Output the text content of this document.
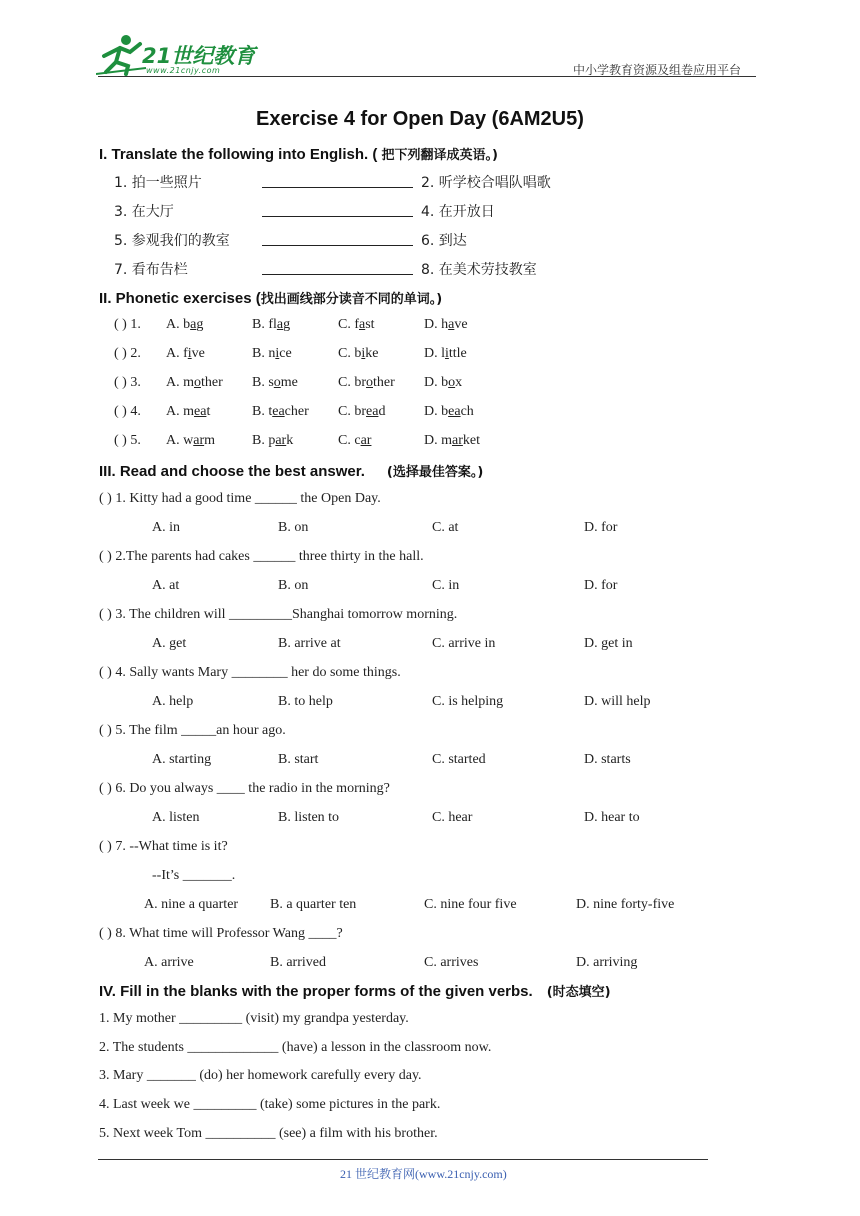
21世纪教育
www.21cnjy.com	中小学教育资源及组卷应用平台
Exercise 4 for Open Day (6AM2U5)
I. Translate the following into English. ( 把下列翻译成英语。)
1. 拍一些照片	2. 听学校合唱队唱歌
3. 在大厅	4. 在开放日
5. 参观我们的教室	6. 到达
7. 看布告栏	8. 在美术劳技教室
II. Phonetic exercises (找出画线部分读音不同的单词。)
( ) 1. A. bag	B. flag	C. fast	D. have
( ) 2. A. five	B. nice	C. bike	D. little
( ) 3. A. mother B. some	C. brother D. box
( ) 4. A. meat	B. teacher C. bread	D. beach
( ) 5. A. warm	B. park	C. car	D. market
III. Read and choose the best answer. (选择最佳答案。)
( ) 1. Kitty had a good time ______ the Open Day.
A. in	B. on	C. at	D. for
( ) 2.The parents had cakes ______ three thirty in the hall.
A. at	B. on	C. in	D. for
( ) 3. The children will _________Shanghai tomorrow morning.
A. get	B. arrive at	C. arrive in	D. get in
( ) 4. Sally wants Mary ________ her do some things.
A. help	B. to help	C. is helping	D. will help
( ) 5. The film _____an hour ago.
A. starting	B. start	C. started	D. starts
( ) 6. Do you always ____ the radio in the morning?
A. listen	B. listen to	C. hear	D. hear to
( ) 7. --What time is it?
--It’s _______.
A. nine a quarter B. a quarter ten	C. nine four five	D. nine forty-five
( ) 8. What time will Professor Wang ____?
A. arrive	B. arrived	C. arrives	D. arriving
IV. Fill in the blanks with the proper forms of the given verbs. (时态填空)
1. My mother _________ (visit) my grandpa yesterday.
2. The students _____________ (have) a lesson in the classroom now.
3. Mary _______ (do) her homework carefully every day.
4. Last week we _________ (take) some pictures in the park.
5. Next week Tom __________ (see) a film with his brother.
21 世纪教育网(www.21cnjy.com)
